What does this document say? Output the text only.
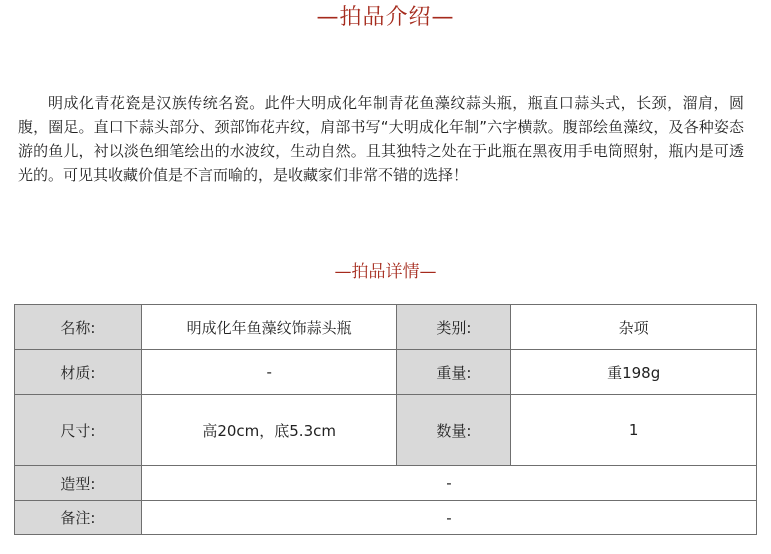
—拍品介绍—

明成化青花瓷是汉族传统名瓷。此件大明成化年制青花鱼藻纹蒜头瓶，瓶直口蒜头式，长颈，溜肩，圆腹，圈足。直口下蒜头部分、颈部饰花卉纹，肩部书写“大明成化年制”六字横款。腹部绘鱼藻纹，及各种姿态游的鱼儿，衬以淡色细笔绘出的水波纹，生动自然。且其独特之处在于此瓶在黑夜用手电筒照射，瓶内是可透光的。可见其收藏价值是不言而喻的，是收藏家们非常不错的选择！

—拍品详情—
名称:	明成化年鱼藻纹饰蒜头瓶	类别:	杂项
材质:	-	重量:	重198g
尺寸:	高20cm，底5.3cm	数量:	1
造型:	-		
备注:	-		
